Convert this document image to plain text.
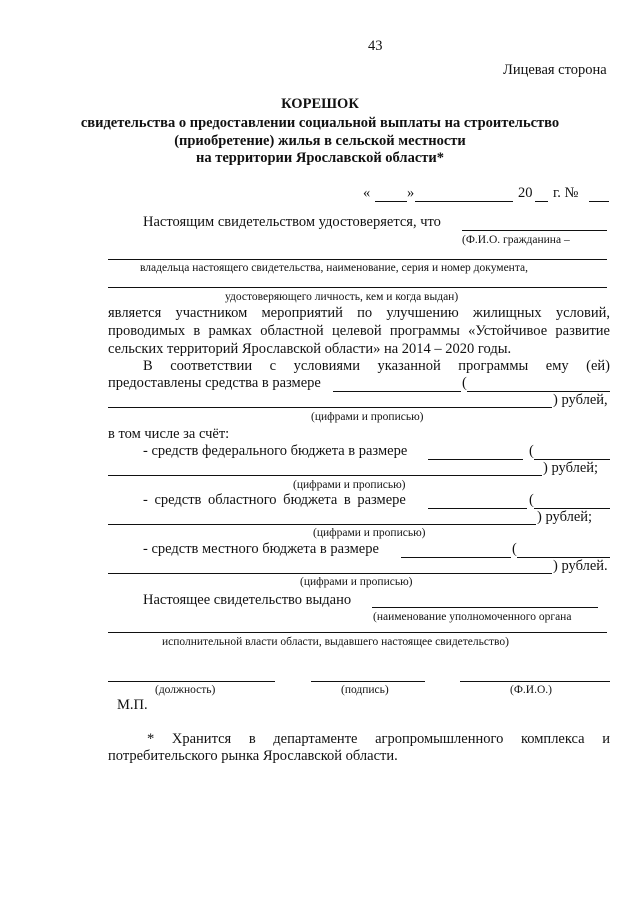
43
Лицевая сторона
КОРЕШОК
свидетельства о предоставлении социальной выплаты на строительство
(приобретение) жилья в сельской местности
на территории Ярославской области*
«	»	20 г. №
Настоящим свидетельством удостоверяется, что
(Ф.И.О. гражданина –
владельца настоящего свидетельства, наименование, серия и номер документа,
удостоверяющего личность, кем и когда выдан)
является участником мероприятий по улучшению жилищных условий,
проводимых в рамках областной целевой программы «Устойчивое развитие
сельских территорий Ярославской области» на 2014 – 2020 годы.
В соответствии с условиями указанной программы ему (ей)
предоставлены средства в размере	(
) рублей,
(цифрами и прописью)
в том числе за счёт:
- средств федерального бюджета в размере	(
) рублей;
(цифрами и прописью)
- средств областного бюджета в размере	(
) рублей;
(цифрами и прописью)
- средств местного бюджета в размере	(
) рублей.
(цифрами и прописью)
Настоящее свидетельство выдано
(наименование уполномоченного органа
исполнительной власти области, выдавшего настоящее свидетельство)
(должность)	(подпись)	(Ф.И.О.)
М.П.
* Хранится в департаменте агропромышленного комплекса и
потребительского рынка Ярославской области.
